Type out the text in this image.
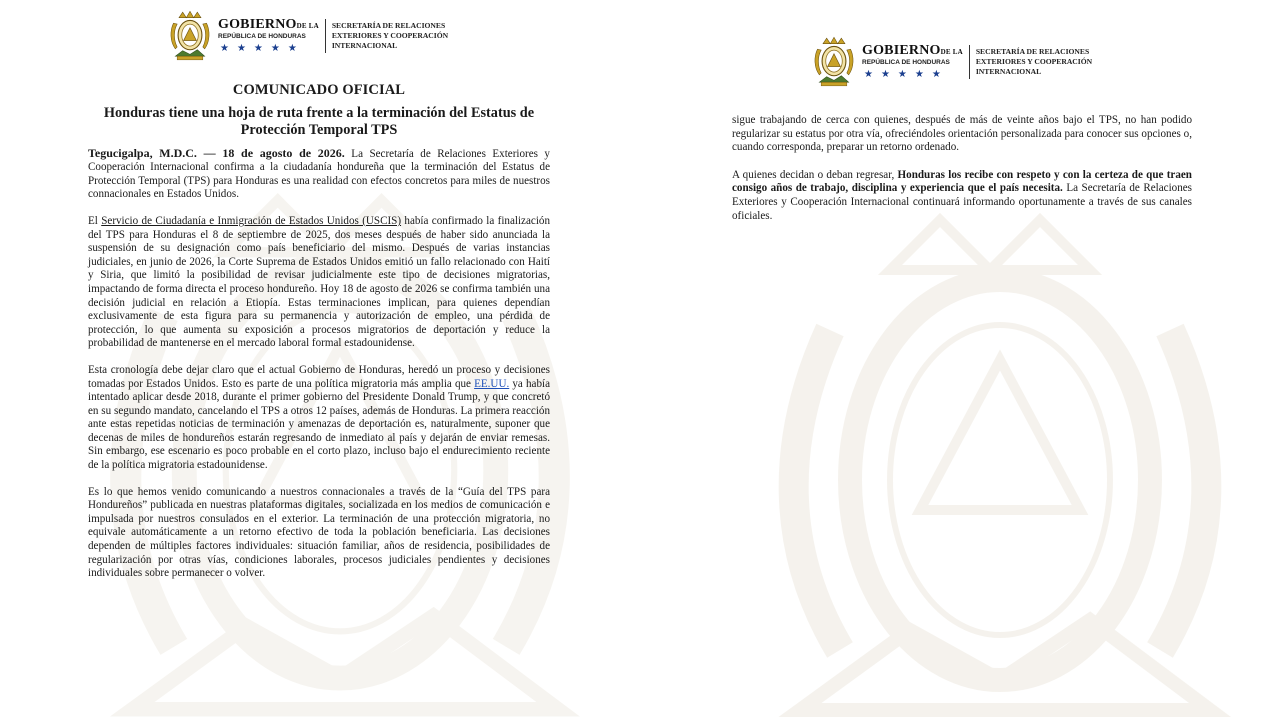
GOBIERNODE LA
REPÚBLICA DE HONDURAS
★★★★★
SECRETARÍA DE RELACIONES
EXTERIORES Y COOPERACIÓN
INTERNACIONAL
COMUNICADO OFICIAL
Honduras tiene una hoja de ruta frente a la terminación del Estatus de Protección Temporal TPS

Tegucigalpa, M.D.C. — 18 de agosto de 2026. La Secretaría de Relaciones Exteriores y Cooperación Internacional confirma a la ciudadanía hondureña que la terminación del Estatus de Protección Temporal (TPS) para Honduras es una realidad con efectos concretos para miles de nuestros connacionales en Estados Unidos.

El Servicio de Ciudadanía e Inmigración de Estados Unidos (USCIS) había confirmado la finalización del TPS para Honduras el 8 de septiembre de 2025, dos meses después de haber sido anunciada la suspensión de su designación como país beneficiario del mismo. Después de varias instancias judiciales, en junio de 2026, la Corte Suprema de Estados Unidos emitió un fallo relacionado con Haití y Siria, que limitó la posibilidad de revisar judicialmente este tipo de decisiones migratorias, impactando de forma directa el proceso hondureño. Hoy 18 de agosto de 2026 se confirma también una decisión judicial en relación a Etiopía. Estas terminaciones implican, para quienes dependían exclusivamente de esta figura para su permanencia y autorización de empleo, una pérdida de protección, lo que aumenta su exposición a procesos migratorios de deportación y reduce la probabilidad de mantenerse en el mercado laboral formal estadounidense.

Esta cronología debe dejar claro que el actual Gobierno de Honduras, heredó un proceso y decisiones tomadas por Estados Unidos. Esto es parte de una política migratoria más amplia que EE.UU. ya había intentado aplicar desde 2018, durante el primer gobierno del Presidente Donald Trump, y que concretó en su segundo mandato, cancelando el TPS a otros 12 países, además de Honduras. La primera reacción ante estas repetidas noticias de terminación y amenazas de deportación es, naturalmente, suponer que decenas de miles de hondureños estarán regresando de inmediato al país y dejarán de enviar remesas. Sin embargo, ese escenario es poco probable en el corto plazo, incluso bajo el endurecimiento reciente de la política migratoria estadounidense.

Es lo que hemos venido comunicando a nuestros connacionales a través de la “Guía del TPS para Hondureños” publicada en nuestras plataformas digitales, socializada en los medios de comunicación e impulsada por nuestros consulados en el exterior. La terminación de una protección migratoria, no equivale automáticamente a un retorno efectivo de toda la población beneficiaria. Las decisiones dependen de múltiples factores individuales: situación familiar, años de residencia, posibilidades de regularización por otras vías, condiciones laborales, procesos judiciales pendientes y decisiones individuales sobre permanecer o volver.

GOBIERNODE LA
REPÚBLICA DE HONDURAS
★★★★★
SECRETARÍA DE RELACIONES
EXTERIORES Y COOPERACIÓN
INTERNACIONAL

sigue trabajando de cerca con quienes, después de más de veinte años bajo el TPS, no han podido regularizar su estatus por otra vía, ofreciéndoles orientación personalizada para conocer sus opciones o, cuando corresponda, preparar un retorno ordenado.

A quienes decidan o deban regresar, Honduras los recibe con respeto y con la certeza de que traen consigo años de trabajo, disciplina y experiencia que el país necesita. La Secretaría de Relaciones Exteriores y Cooperación Internacional continuará informando oportunamente a través de sus canales oficiales.
